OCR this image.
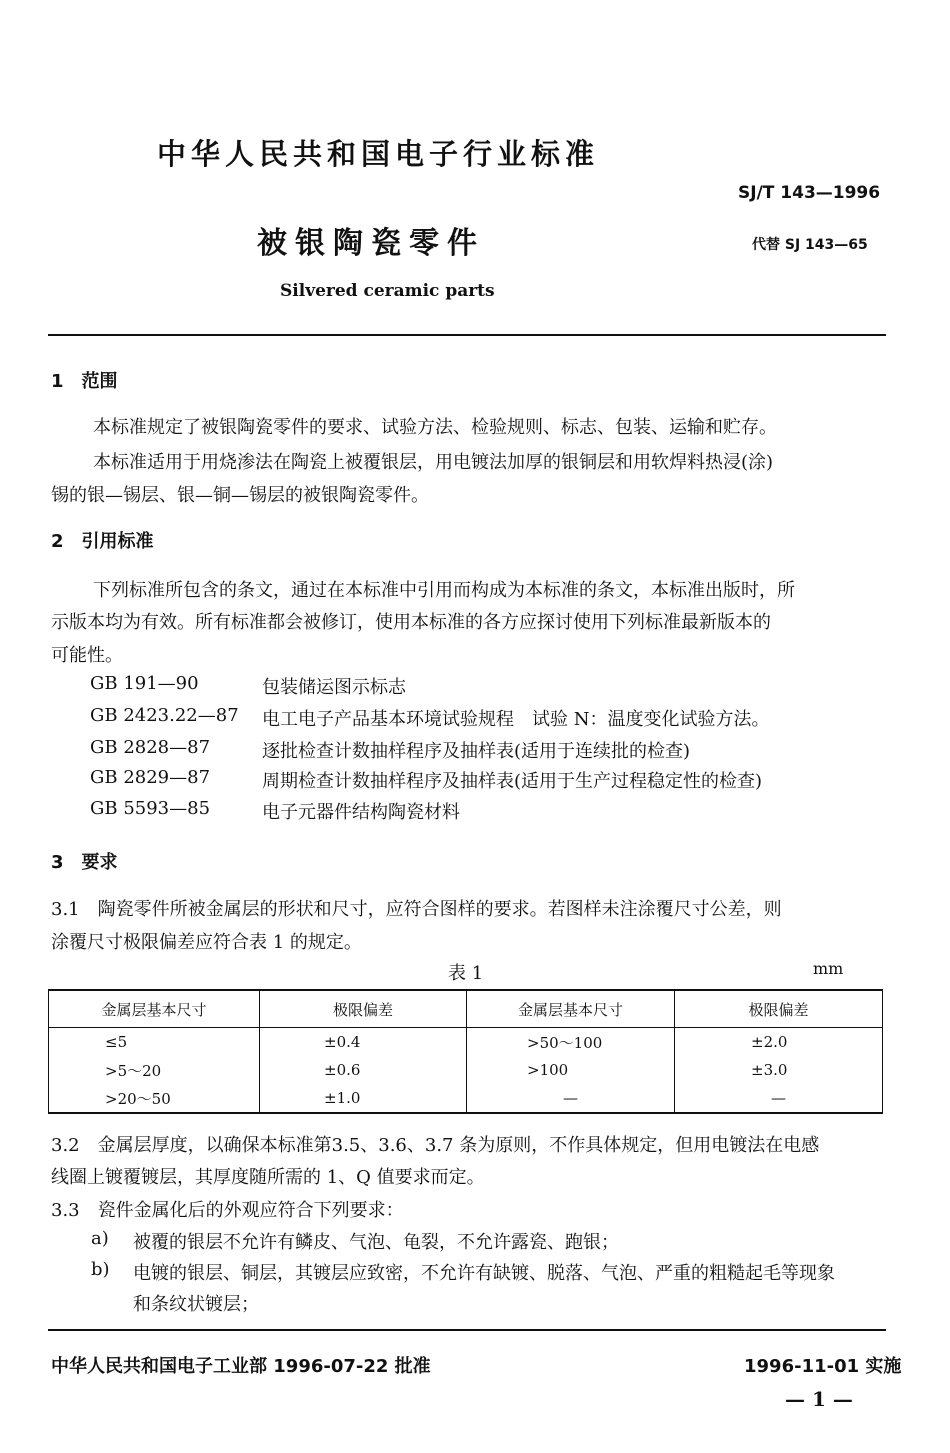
中华人民共和国电子行业标准
SJ/T 143—1996
被银陶瓷零件	代替 SJ 143—65
Silvered ceramic parts
1　范围
本标准规定了被银陶瓷零件的要求、试验方法、检验规则、标志、包装、运输和贮存。
本标准适用于用烧渗法在陶瓷上被覆银层，用电镀法加厚的银铜层和用软焊料热浸(涂)
锡的银—锡层、银—铜—锡层的被银陶瓷零件。
2　引用标准
下列标准所包含的条文，通过在本标准中引用而构成为本标准的条文，本标准出版时，所
示版本均为有效。所有标准都会被修订，使用本标准的各方应探讨使用下列标准最新版本的
可能性。
GB 191—90	包装储运图示标志
GB 2423.22—87 电工电子产品基本环境试验规程　试验 N：温度变化试验方法。
GB 2828—87	逐批检查计数抽样程序及抽样表(适用于连续批的检查)
GB 2829—87	周期检查计数抽样程序及抽样表(适用于生产过程稳定性的检查)
GB 5593—85	电子元器件结构陶瓷材料
3　要求
3.1　陶瓷零件所被金属层的形状和尺寸，应符合图样的要求。若图样未注涂覆尺寸公差，则
涂覆尺寸极限偏差应符合表 1 的规定。
表 1	mm
金属层基本尺寸	极限偏差	金属层基本尺寸	极限偏差
≤5	±0.4	>50～100	±2.0
>5～20	±0.6	>100	±3.0
>20～50	±1.0	—	—
3.2　金属层厚度，以确保本标准第3.5、3.6、3.7 条为原则，不作具体规定，但用电镀法在电感
线圈上镀覆镀层，其厚度随所需的 1、Q 值要求而定。
3.3　瓷件金属化后的外观应符合下列要求：
a) 被覆的银层不允许有鳞皮、气泡、龟裂，不允许露瓷、跑银；
b) 电镀的银层、铜层，其镀层应致密，不允许有缺镀、脱落、气泡、严重的粗糙起毛等现象
和条纹状镀层；
中华人民共和国电子工业部 1996-07-22 批准	1996-11-01 实施
— 1 —
